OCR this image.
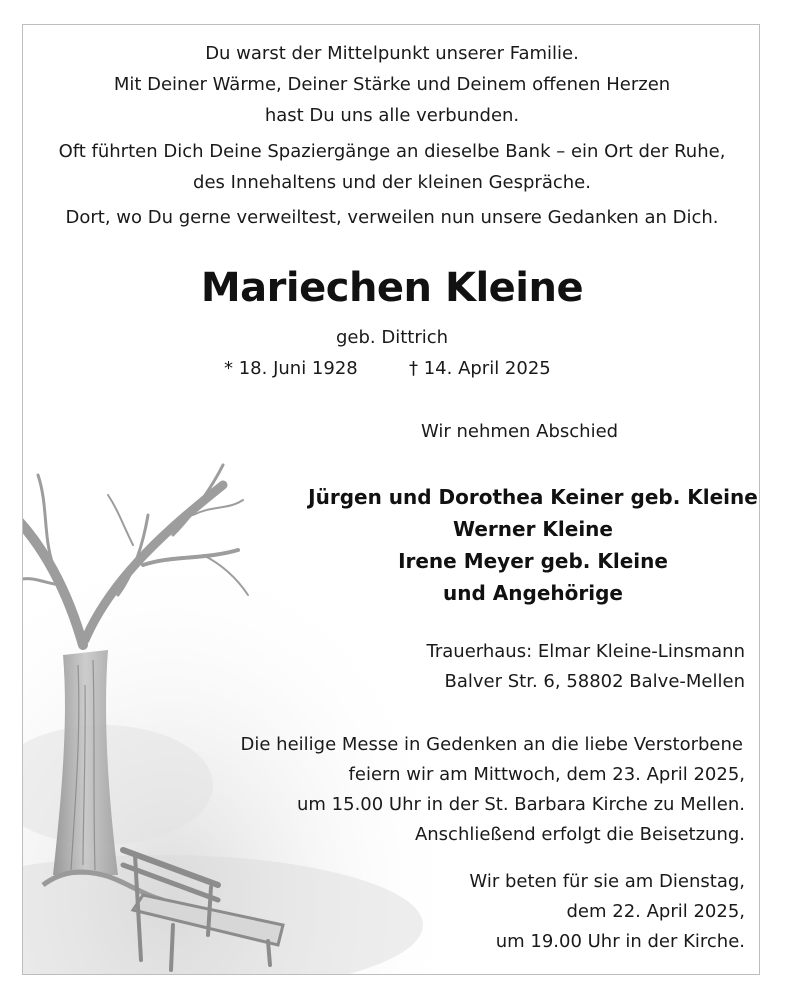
Du warst der Mittelpunkt unserer Familie.
Mit Deiner Wärme, Deiner Stärke und Deinem offenen Herzen
hast Du uns alle verbunden.
Oft führten Dich Deine Spaziergänge an dieselbe Bank – ein Ort der Ruhe,
des Innehaltens und der kleinen Gespräche.
Dort, wo Du gerne verweiltest, verweilen nun unsere Gedanken an Dich.
Mariechen Kleine
geb. Dittrich
* 18. Juni 1928	† 14. April 2025
Wir nehmen Abschied
Jürgen und Dorothea Keiner geb. Kleine
Werner Kleine
Irene Meyer geb. Kleine
und Angehörige
Trauerhaus: Elmar Kleine-Linsmann
Balver Str. 6, 58802 Balve-Mellen
Die heilige Messe in Gedenken an die liebe Verstorbene
feiern wir am Mittwoch, dem 23. April 2025,
um 15.00 Uhr in der St. Barbara Kirche zu Mellen.
Anschließend erfolgt die Beisetzung.
Wir beten für sie am Dienstag,
dem 22. April 2025,
um 19.00 Uhr in der Kirche.
